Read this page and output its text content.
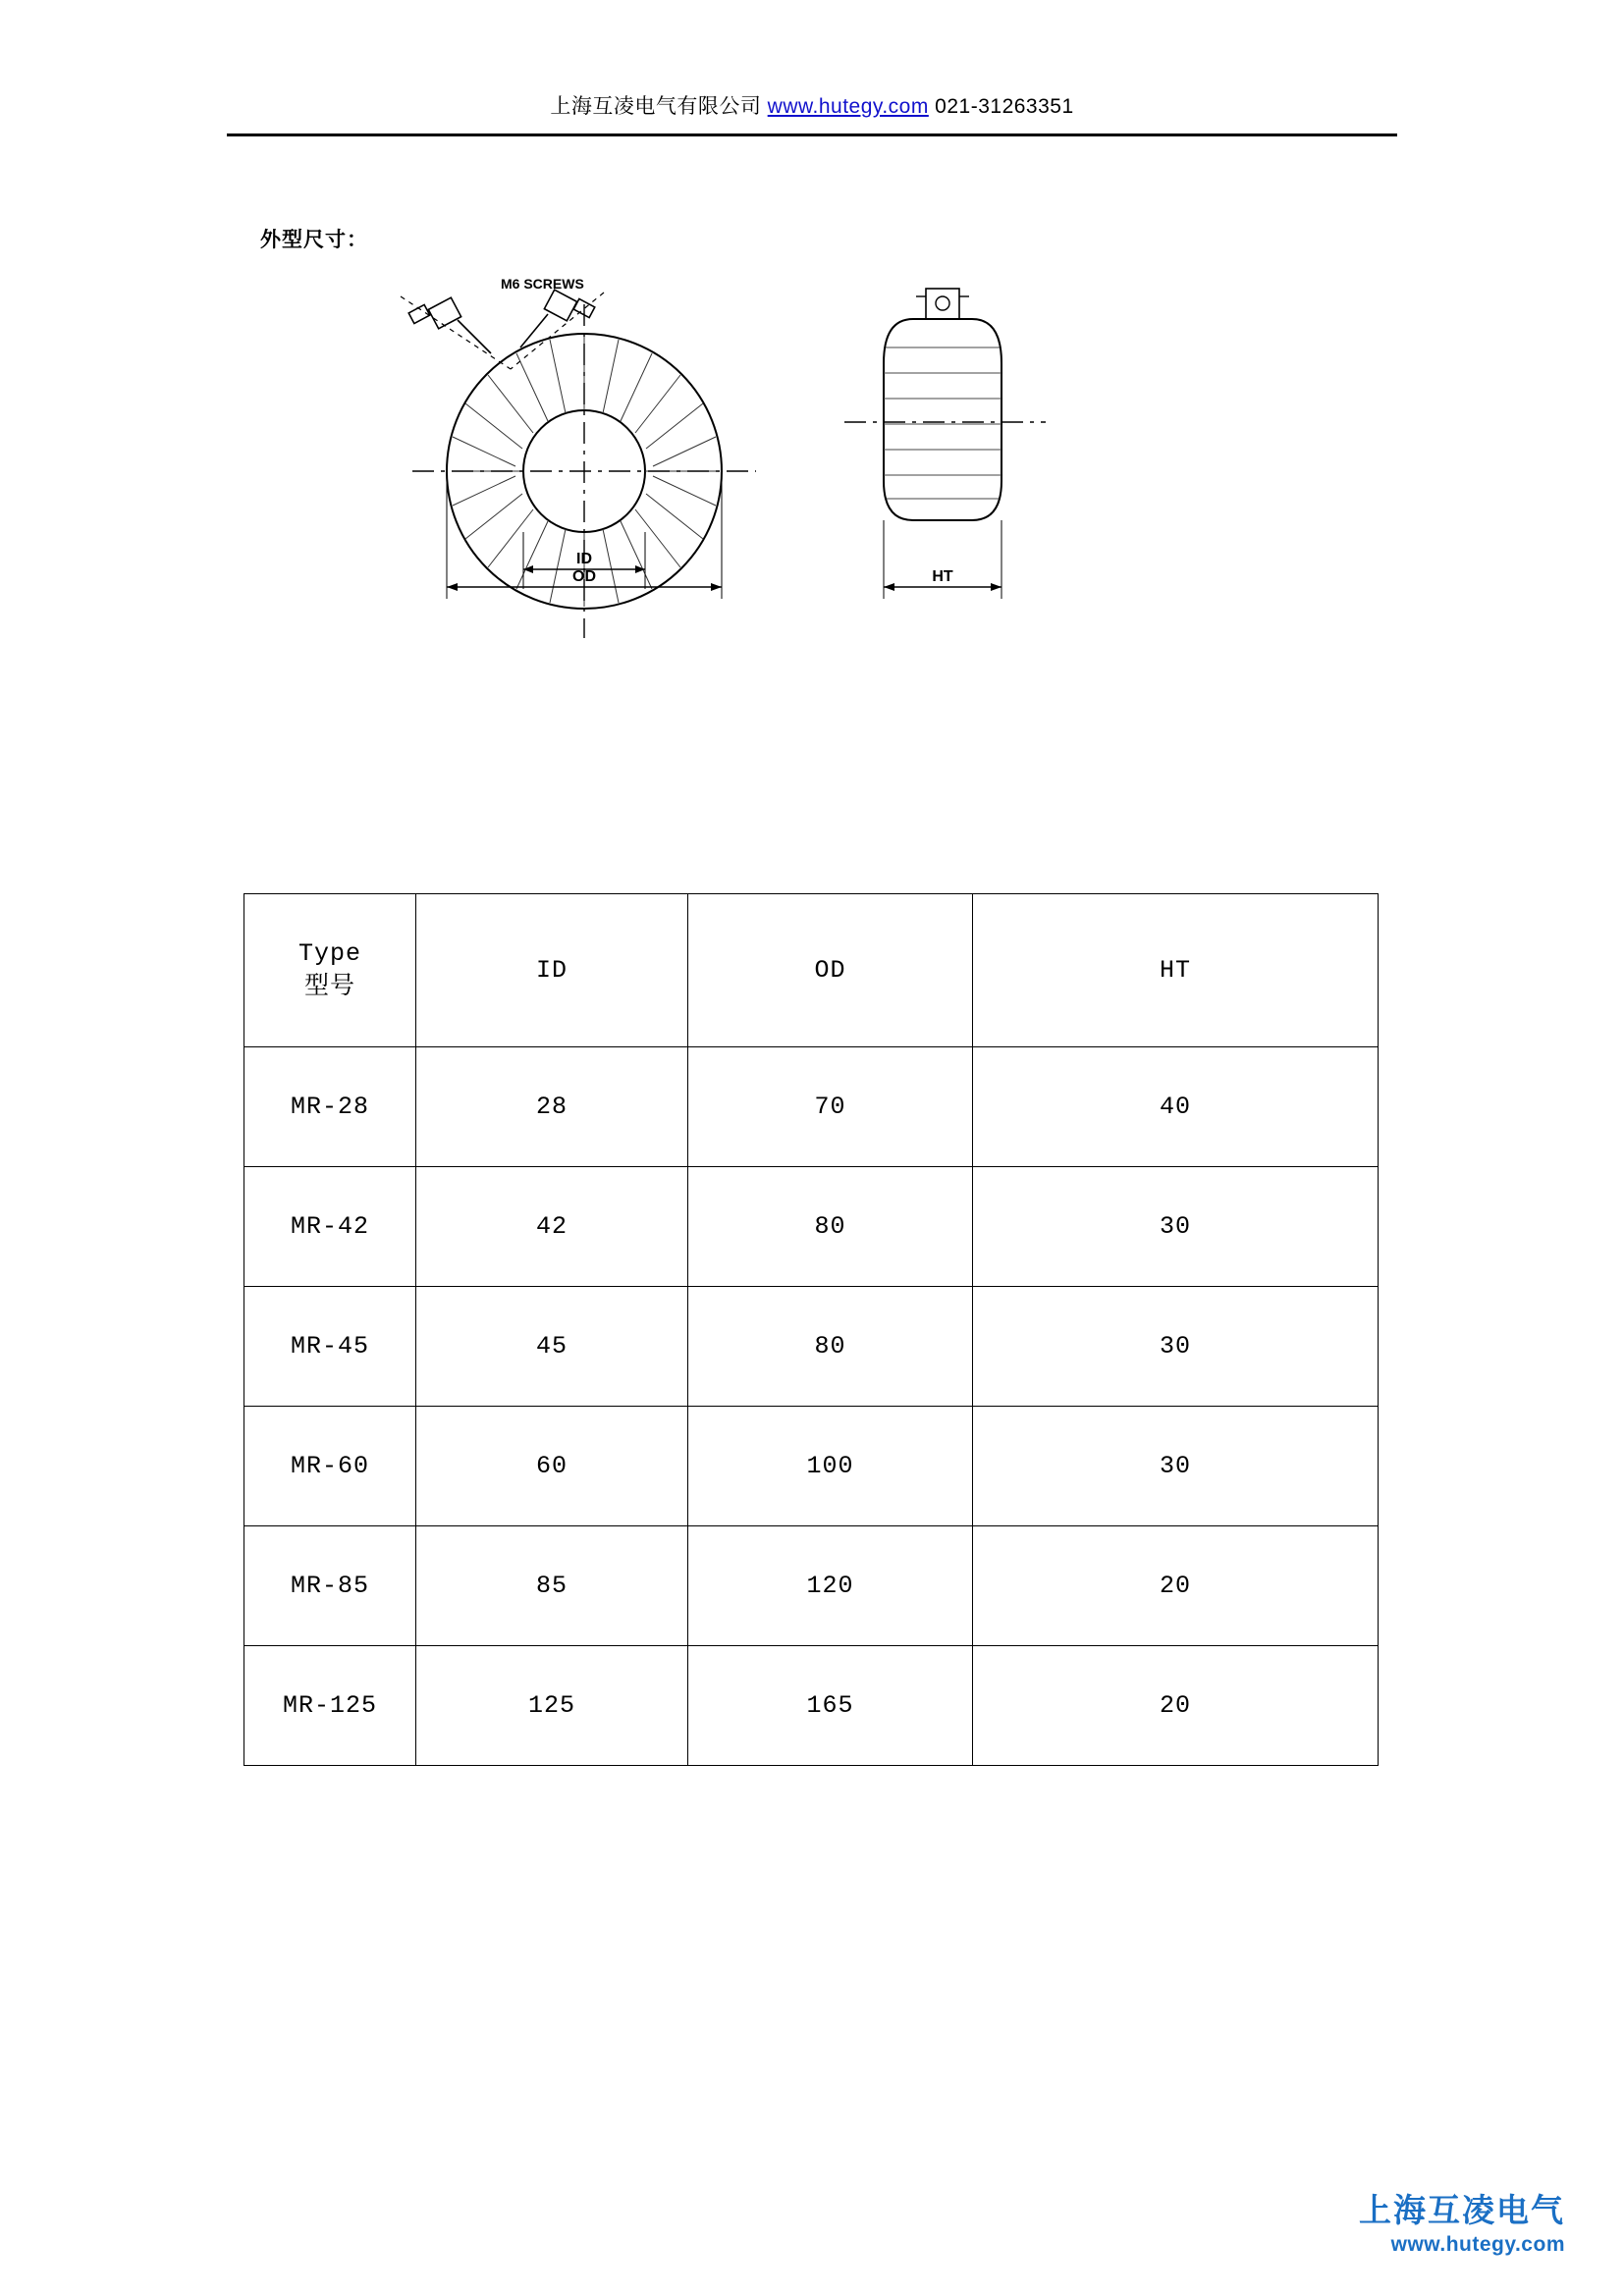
上海互凌电气有限公司 www.hutegy.com 021-31263351
外型尺寸：
M6 SCREWS
ID
OD	HT
Type
型号	ID	OD	HT
MR-28	28	70	40
MR-42	42	80	30
MR-45	45	80	30
MR-60	60	100	30
MR-85	85	120	20
MR-125	125	165	20
上海互凌电气
www.hutegy.com
